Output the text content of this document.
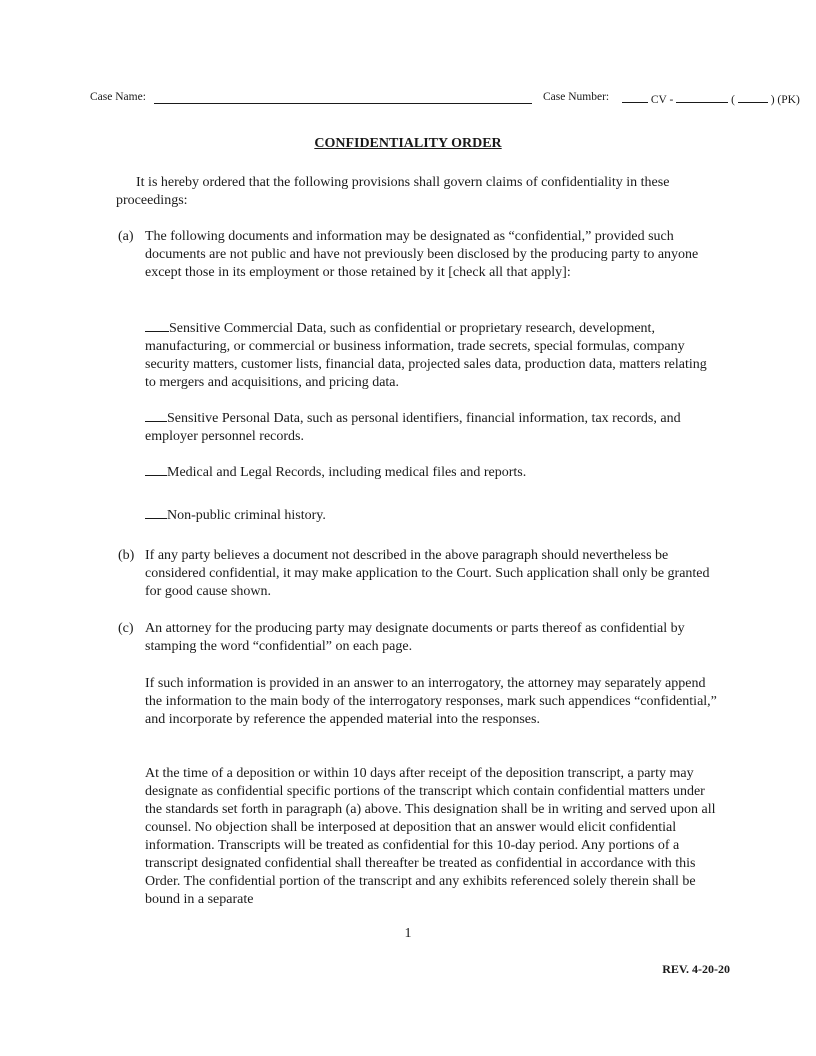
Case Name:	Case Number:	CV -	(	) (PK)
CONFIDENTIALITY ORDER
It is hereby ordered that the following provisions shall govern claims of confidentiality in these proceedings:
(a) The following documents and information may be designated as “confidential,” provided such documents are not public and have not previously been disclosed by the producing party to anyone except those in its employment or those retained by it [check all that apply]:
Sensitive Commercial Data, such as confidential or proprietary research, development, manufacturing, or commercial or business information, trade secrets, special formulas, company security matters, customer lists, financial data, projected sales data, production data, matters relating to mergers and acquisitions, and pricing data.
Sensitive Personal Data, such as personal identifiers, financial information, tax records, and employer personnel records.
Medical and Legal Records, including medical files and reports.
Non-public criminal history.
(b) If any party believes a document not described in the above paragraph should nevertheless be considered confidential, it may make application to the Court. Such application shall only be granted for good cause shown.
(c) An attorney for the producing party may designate documents or parts thereof as confidential by stamping the word “confidential” on each page.
If such information is provided in an answer to an interrogatory, the attorney may separately append the information to the main body of the interrogatory responses, mark such appendices “confidential,” and incorporate by reference the appended material into the responses.
At the time of a deposition or within 10 days after receipt of the deposition transcript, a party may designate as confidential specific portions of the transcript which contain confidential matters under the standards set forth in paragraph (a) above. This designation shall be in writing and served upon all counsel. No objection shall be interposed at deposition that an answer would elicit confidential information. Transcripts will be treated as confidential for this 10-day period. Any portions of a transcript designated confidential shall thereafter be treated as confidential in accordance with this Order. The confidential portion of the transcript and any exhibits referenced solely therein shall be bound in a separate
1
REV. 4-20-20
